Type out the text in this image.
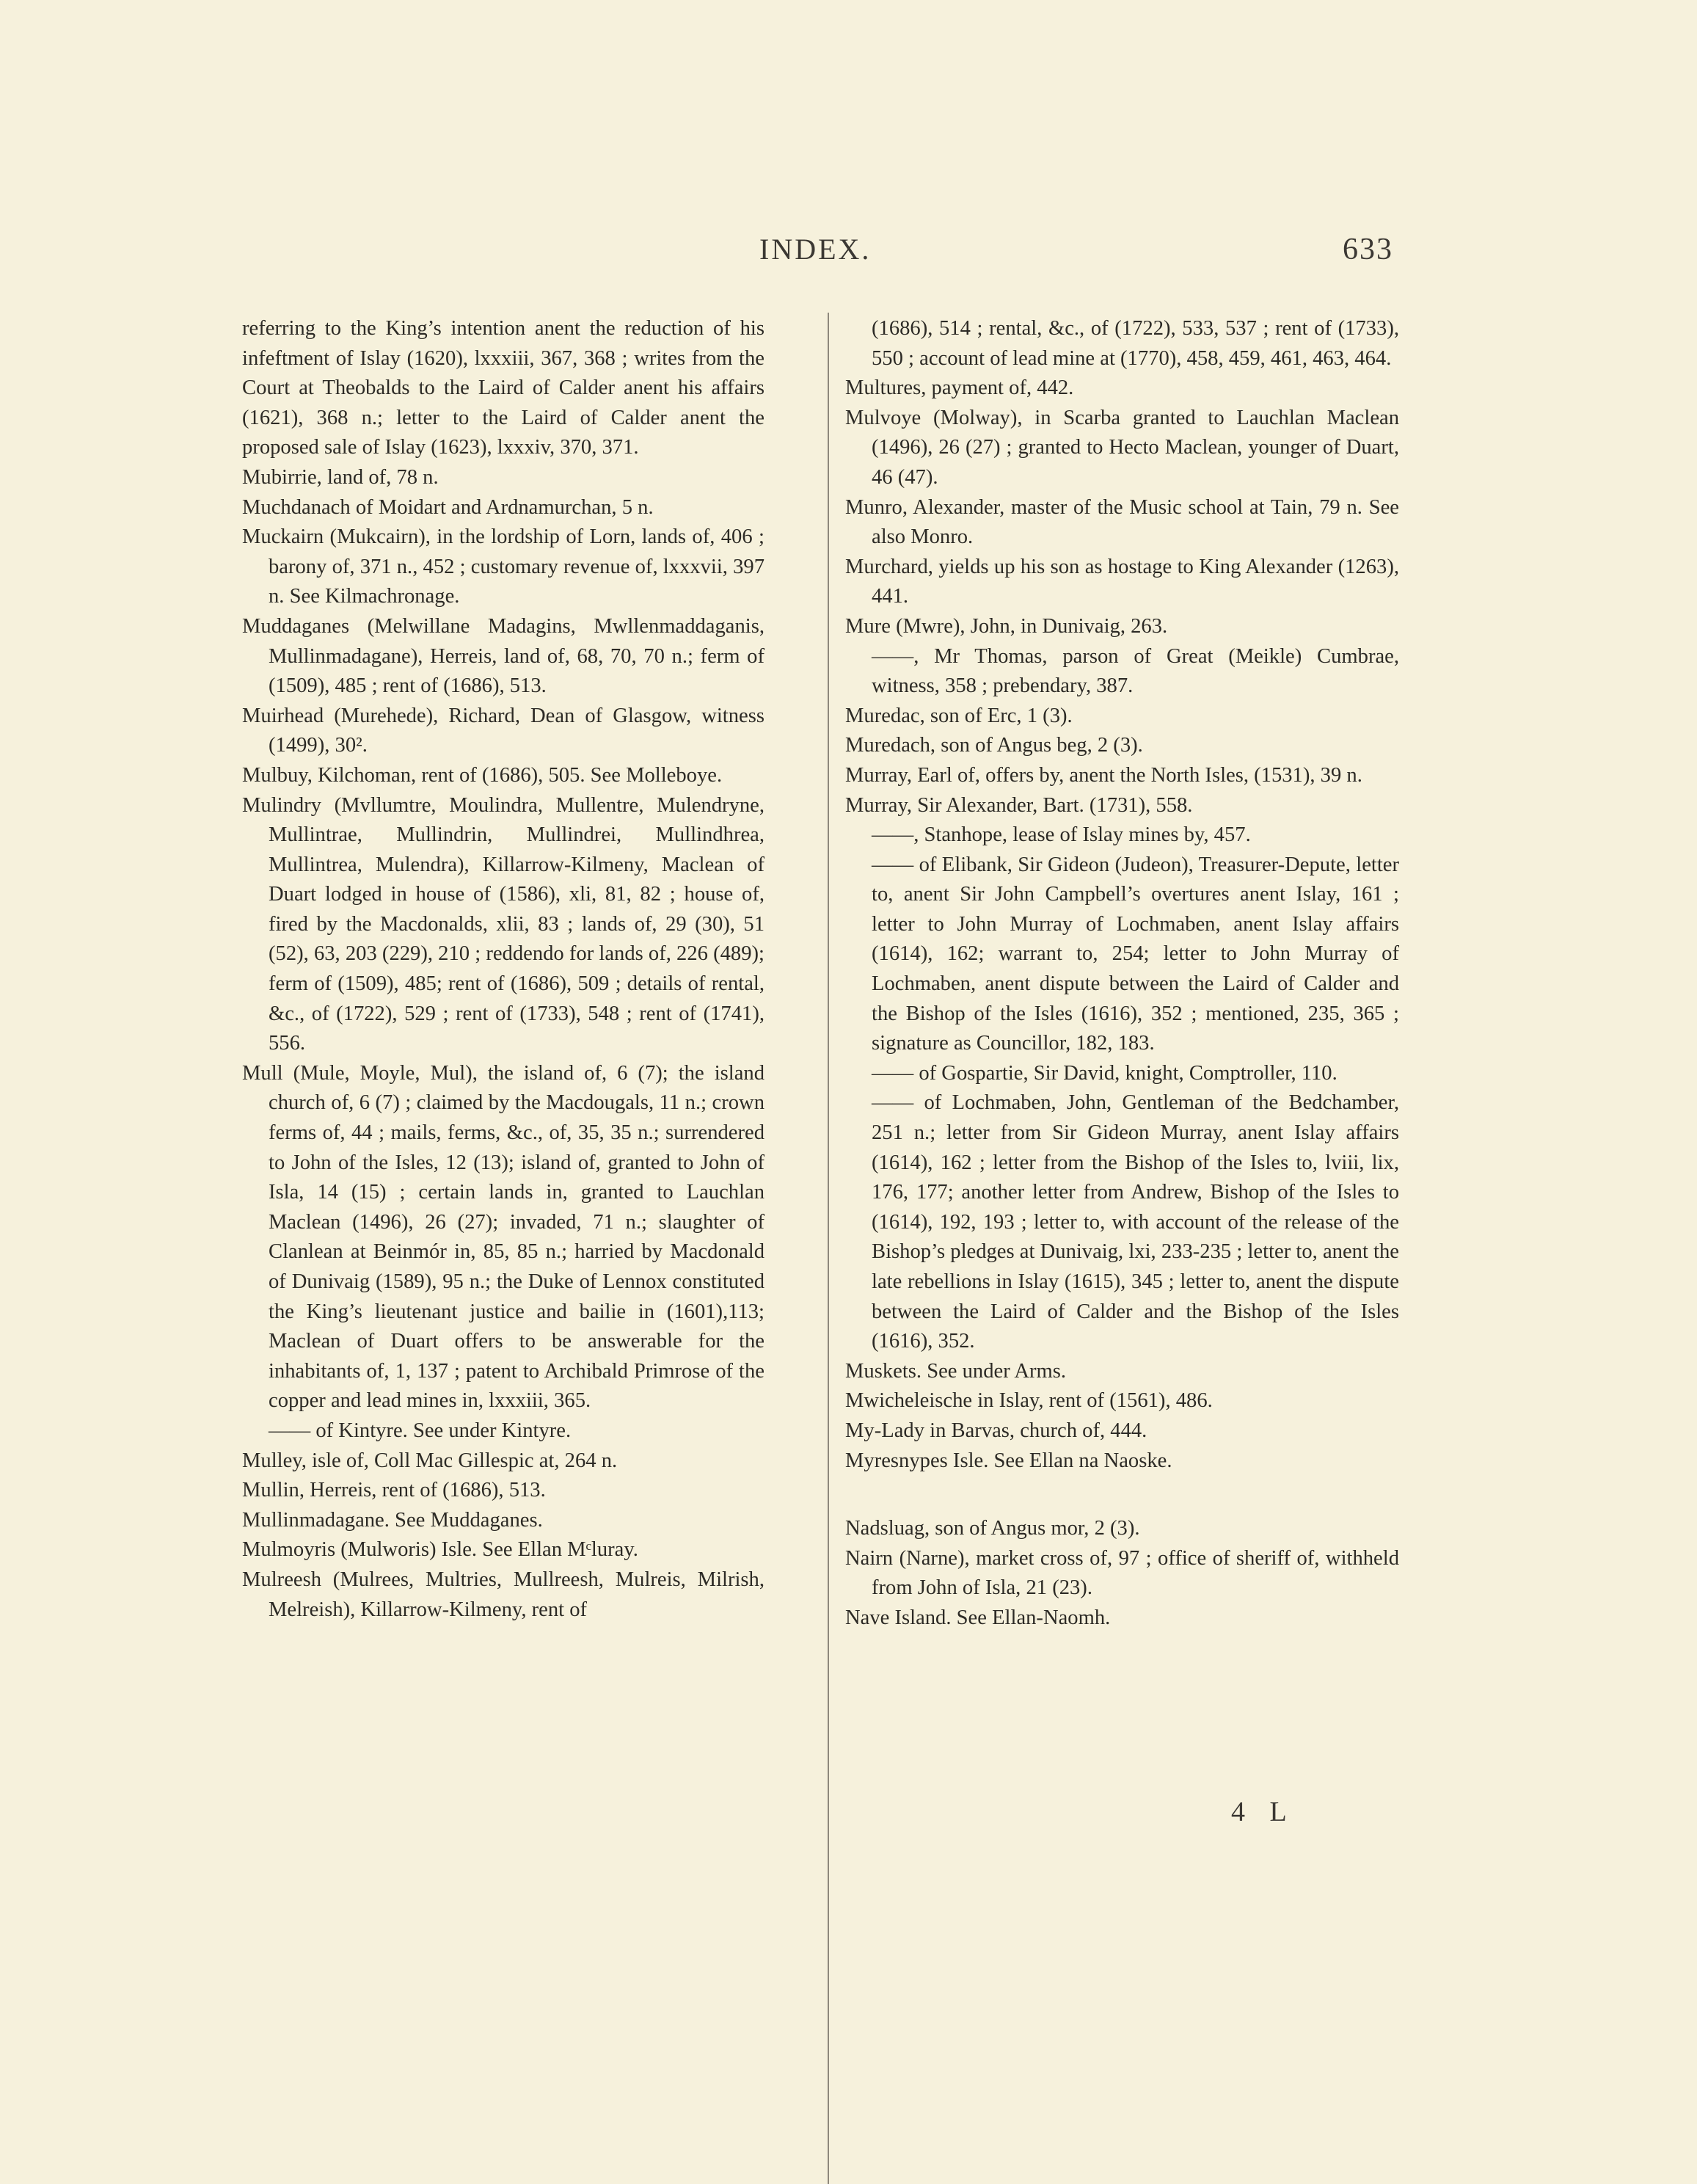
INDEX.	633
referring to the King’s intention anent the reduction of his infeftment of Islay (1620), lxxxiii, 367, 368 ; writes from the Court at Theobalds to the Laird of Calder anent his affairs (1621), 368 n.; letter to the Laird of Calder anent the proposed sale of Islay (1623), lxxxiv, 370, 371.
Mubirrie, land of, 78 n.
Muchdanach of Moidart and Ardnamurchan, 5 n.
Muckairn (Mukcairn), in the lordship of Lorn, lands of, 406 ; barony of, 371 n., 452 ; customary revenue of, lxxxvii, 397 n. See Kilmachronage.
Muddaganes (Melwillane Madagins, Mwllenmaddaganis, Mullinmadagane), Herreis, land of, 68, 70, 70 n.; ferm of (1509), 485 ; rent of (1686), 513.
Muirhead (Murehede), Richard, Dean of Glasgow, witness (1499), 30².
Mulbuy, Kilchoman, rent of (1686), 505. See Molleboye.
Mulindry (Mvllumtre, Moulindra, Mullentre, Mulendryne, Mullintrae, Mullindrin, Mullindrei, Mullindhrea, Mullintrea, Mulendra), Killarrow-Kilmeny, Maclean of Duart lodged in house of (1586), xli, 81, 82 ; house of, fired by the Macdonalds, xlii, 83 ; lands of, 29 (30), 51 (52), 63, 203 (229), 210 ; reddendo for lands of, 226 (489); ferm of (1509), 485; rent of (1686), 509 ; details of rental, &c., of (1722), 529 ; rent of (1733), 548 ; rent of (1741), 556.
Mull (Mule, Moyle, Mul), the island of, 6 (7); the island church of, 6 (7) ; claimed by the Macdougals, 11 n.; crown ferms of, 44 ; mails, ferms, &c., of, 35, 35 n.; surrendered to John of the Isles, 12 (13); island of, granted to John of Isla, 14 (15) ; certain lands in, granted to Lauchlan Maclean (1496), 26 (27); invaded, 71 n.; slaughter of Clanlean at Beinmór in, 85, 85 n.; harried by Macdonald of Dunivaig (1589), 95 n.; the Duke of Lennox constituted the King’s lieutenant justice and bailie in (1601),113; Maclean of Duart offers to be answerable for the inhabitants of, 1, 137 ; patent to Archibald Primrose of the copper and lead mines in, lxxxiii, 365.
—— of Kintyre. See under Kintyre.
Mulley, isle of, Coll Mac Gillespic at, 264 n.
Mullin, Herreis, rent of (1686), 513.
Mullinmadagane. See Muddaganes.
Mulmoyris (Mulworis) Isle. See Ellan Mᶜluray.
Mulreesh (Mulrees, Multries, Mullreesh, Mulreis, Milrish, Melreish), Killarrow-Kilmeny, rent of
(1686), 514 ; rental, &c., of (1722), 533, 537 ; rent of (1733), 550 ; account of lead mine at (1770), 458, 459, 461, 463, 464.
Multures, payment of, 442.
Mulvoye (Molway), in Scarba granted to Lauchlan Maclean (1496), 26 (27) ; granted to Hecto Maclean, younger of Duart, 46 (47).
Munro, Alexander, master of the Music school at Tain, 79 n. See also Monro.
Murchard, yields up his son as hostage to King Alexander (1263), 441.
Mure (Mwre), John, in Dunivaig, 263.
——, Mr Thomas, parson of Great (Meikle) Cumbrae, witness, 358 ; prebendary, 387.
Muredac, son of Erc, 1 (3).
Muredach, son of Angus beg, 2 (3).
Murray, Earl of, offers by, anent the North Isles, (1531), 39 n.
Murray, Sir Alexander, Bart. (1731), 558.
——, Stanhope, lease of Islay mines by, 457.
—— of Elibank, Sir Gideon (Judeon), Treasurer-Depute, letter to, anent Sir John Campbell’s overtures anent Islay, 161 ; letter to John Murray of Lochmaben, anent Islay affairs (1614), 162; warrant to, 254; letter to John Murray of Lochmaben, anent dispute between the Laird of Calder and the Bishop of the Isles (1616), 352 ; mentioned, 235, 365 ; signature as Councillor, 182, 183.
—— of Gospartie, Sir David, knight, Comptroller, 110.
—— of Lochmaben, John, Gentleman of the Bedchamber, 251 n.; letter from Sir Gideon Murray, anent Islay affairs (1614), 162 ; letter from the Bishop of the Isles to, lviii, lix, 176, 177; another letter from Andrew, Bishop of the Isles to (1614), 192, 193 ; letter to, with account of the release of the Bishop’s pledges at Dunivaig, lxi, 233-235 ; letter to, anent the late rebellions in Islay (1615), 345 ; letter to, anent the dispute between the Laird of Calder and the Bishop of the Isles (1616), 352.
Muskets. See under Arms.
Mwicheleische in Islay, rent of (1561), 486.
My-Lady in Barvas, church of, 444.
Myresnypes Isle. See Ellan na Naoske.
Nadsluag, son of Angus mor, 2 (3).
Nairn (Narne), market cross of, 97 ; office of sheriff of, withheld from John of Isla, 21 (23).
Nave Island. See Ellan-Naomh.
4 L
